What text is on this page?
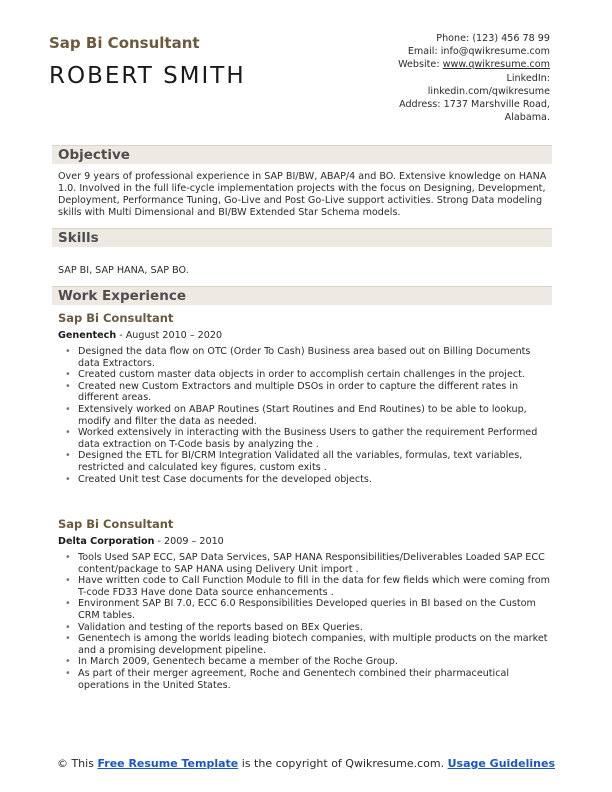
Sap Bi Consultant
ROBERT SMITH
Phone: (123) 456 78 99
Email: info@qwikresume.com
Website: www.qwikresume.com
LinkedIn:
linkedin.com/qwikresume
Address: 1737 Marshville Road,
Alabama.
Objective
Over 9 years of professional experience in SAP BI/BW, ABAP/4 and BO. Extensive knowledge on HANA 1.0. Involved in the full life-cycle implementation projects with the focus on Designing, Development, Deployment, Performance Tuning, Go-Live and Post Go-Live support activities. Strong Data modeling skills with Multi Dimensional and BI/BW Extended Star Schema models.
Skills
SAP BI, SAP HANA, SAP BO.
Work Experience
Sap Bi Consultant
Genentech - August 2010 – 2020
• Designed the data flow on OTC (Order To Cash) Business area based out on Billing Documents data Extractors.
• Created custom master data objects in order to accomplish certain challenges in the project.
• Created new Custom Extractors and multiple DSOs in order to capture the different rates in different areas.
• Extensively worked on ABAP Routines (Start Routines and End Routines) to be able to lookup, modify and filter the data as needed.
• Worked extensively in interacting with the Business Users to gather the requirement Performed data extraction on T-Code basis by analyzing the .
• Designed the ETL for BI/CRM Integration Validated all the variables, formulas, text variables, restricted and calculated key figures, custom exits .
• Created Unit test Case documents for the developed objects.
Sap Bi Consultant
Delta Corporation - 2009 – 2010
• Tools Used SAP ECC, SAP Data Services, SAP HANA Responsibilities/Deliverables Loaded SAP ECC content/package to SAP HANA using Delivery Unit import .
• Have written code to Call Function Module to fill in the data for few fields which were coming from T-code FD33 Have done Data source enhancements .
• Environment SAP BI 7.0, ECC 6.0 Responsibilities Developed queries in BI based on the Custom CRM tables.
• Validation and testing of the reports based on BEx Queries.
• Genentech is among the worlds leading biotech companies, with multiple products on the market and a promising development pipeline.
• In March 2009, Genentech became a member of the Roche Group.
• As part of their merger agreement, Roche and Genentech combined their pharmaceutical operations in the United States.
© This Free Resume Template is the copyright of Qwikresume.com. Usage Guidelines
